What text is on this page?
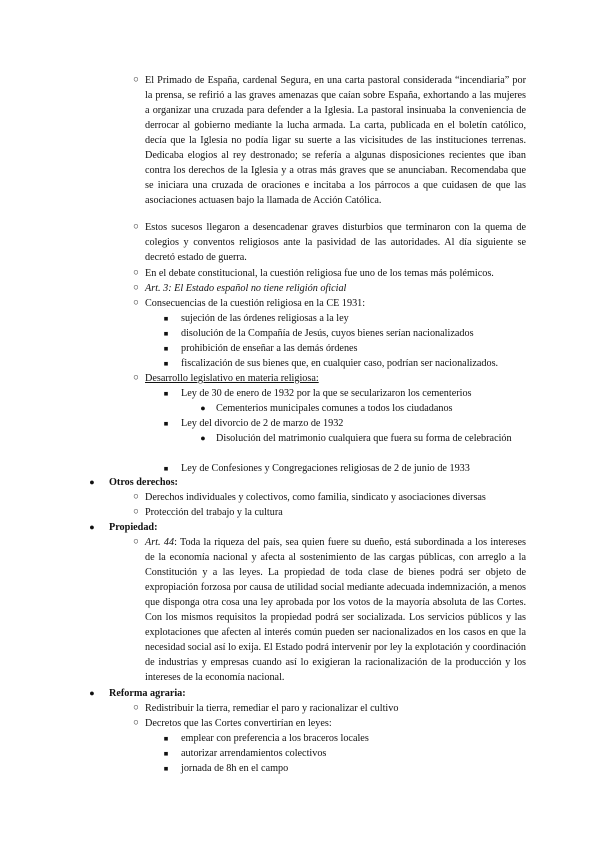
○ El Primado de España, cardenal Segura, en una carta pastoral considerada “incendiaria” por la prensa, se refirió a las graves amenazas que caían sobre España, exhortando a las mujeres a organizar una cruzada para defender a la Iglesia. La pastoral insinuaba la conveniencia de derrocar al gobierno mediante la lucha armada. La carta, publicada en el boletín católico, decía que la Iglesia no podía ligar su suerte a las vicisitudes de las instituciones terrenas. Dedicaba elogios al rey destronado; se refería a algunas disposiciones recientes que iban contra los derechos de la Iglesia y a otras más graves que se anunciaban. Recomendaba que se iniciara una cruzada de oraciones e incitaba a los párrocos a que cuidasen de que las asociaciones actuasen bajo la llamada de Acción Católica.
○ Estos sucesos llegaron a desencadenar graves disturbios que terminaron con la quema de colegios y conventos religiosos ante la pasividad de las autoridades. Al día siguiente se decretó estado de guerra.
○ En el debate constitucional, la cuestión religiosa fue uno de los temas más polémicos.
○ Art. 3: El Estado español no tiene religión oficial
○ Consecuencias de la cuestión religiosa en la CE 1931:
■	sujeción de las órdenes religiosas a la ley
■	disolución de la Compañía de Jesús, cuyos bienes serían nacionalizados
■	prohibición de enseñar a las demás órdenes
■	fiscalización de sus bienes que, en cualquier caso, podrían ser nacionalizados.
○ Desarrollo legislativo en materia religiosa:
■	Ley de 30 de enero de 1932 por la que se secularizaron los cementerios
●	Cementerios municipales comunes a todos los ciudadanos
■	Ley del divorcio de 2 de marzo de 1932
●	Disolución del matrimonio cualquiera que fuera su forma de celebración
■	Ley de Confesiones y Congregaciones religiosas de 2 de junio de 1933
●	Otros derechos:
○ Derechos individuales y colectivos, como familia, sindicato y asociaciones diversas
○ Protección del trabajo y la cultura
●	Propiedad:
○ Art. 44: Toda la riqueza del país, sea quien fuere su dueño, está subordinada a los intereses de la economía nacional y afecta al sostenimiento de las cargas públicas, con arreglo a la Constitución y a las leyes. La propiedad de toda clase de bienes podrá ser objeto de expropiación forzosa por causa de utilidad social mediante adecuada indemnización, a menos que disponga otra cosa una ley aprobada por los votos de la mayoría absoluta de las Cortes. Con los mismos requisitos la propiedad podrá ser socializada. Los servicios públicos y las explotaciones que afecten al interés común pueden ser nacionalizados en los casos en que la necesidad social así lo exija. El Estado podrá intervenir por ley la explotación y coordinación de industrias y empresas cuando así lo exigieran la racionalización de la producción y los intereses de la economía nacional.
●	Reforma agraria:
○ Redistribuir la tierra, remediar el paro y racionalizar el cultivo
○ Decretos que las Cortes convertirían en leyes:
■	emplear con preferencia a los braceros locales
■	autorizar arrendamientos colectivos
■	jornada de 8h en el campo
